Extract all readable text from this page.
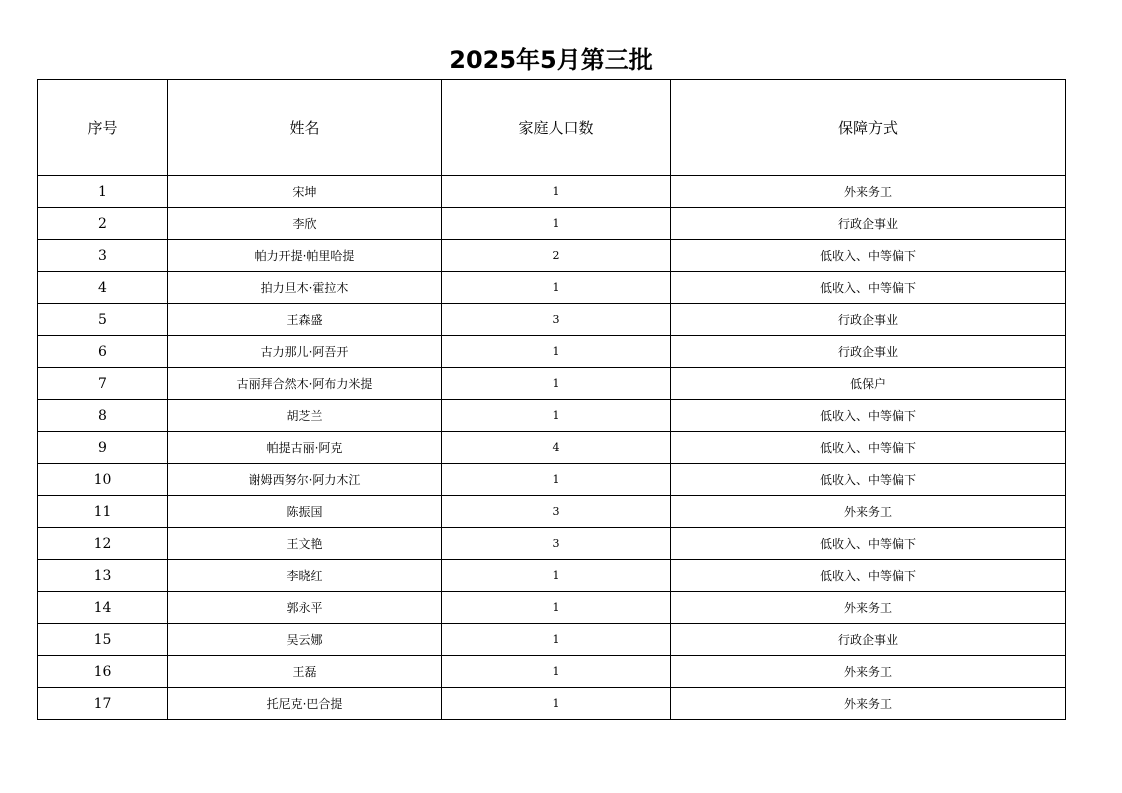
2025年5月第三批
序号	姓名	家庭人口数	保障方式
1	宋坤	1	外来务工
2	李欣	1	行政企事业
3	帕力开提·帕里哈提	2	低收入、中等偏下
4	拍力旦木·霍拉木	1	低收入、中等偏下
5	王森盛	3	行政企事业
6	古力那儿·阿吾开	1	行政企事业
7	古丽拜合然木·阿布力米提	1	低保户
8	胡芝兰	1	低收入、中等偏下
9	帕提古丽·阿克	4	低收入、中等偏下
10	谢姆西努尔·阿力木江	1	低收入、中等偏下
11	陈振国	3	外来务工
12	王文艳	3	低收入、中等偏下
13	李晓红	1	低收入、中等偏下
14	郭永平	1	外来务工
15	吴云娜	1	行政企事业
16	王磊	1	外来务工
17	托尼克·巴合提	1	外来务工
